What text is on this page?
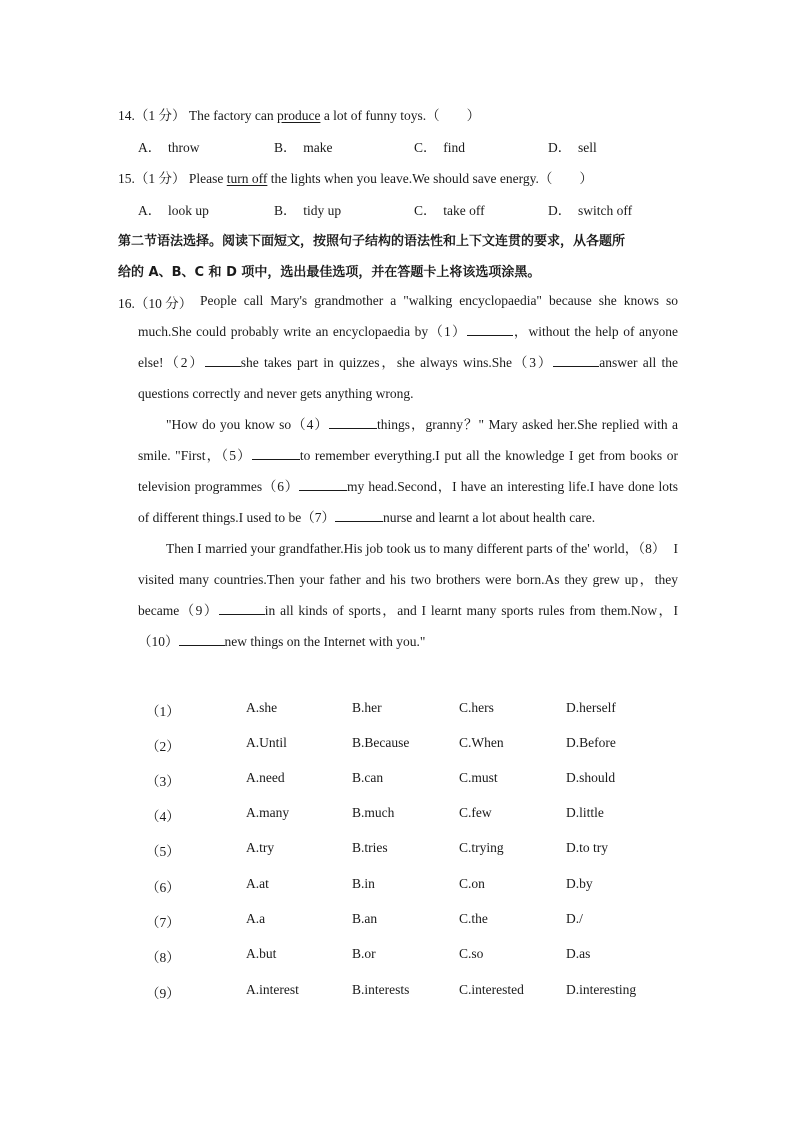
14.（1 分） The factory can produce a lot of funny toys.（　　）
A． throw	B． make	C． find	D． sell
15.（1 分） Please turn off the lights when you leave.We should save energy.（　　）
A． look up	B． tidy up	C． take off	D． switch off
第二节语法选择。阅读下面短文，按照句子结构的语法性和上下文连贯的要求，从各题所
给的 A、B、C 和 D 项中，选出最佳选项，并在答题卡上将该选项涂黑。
16.（10 分） People call Mary's grandmother a "walking encyclopaedia" because she knows so much.She could probably write an encyclopaedia by（1）	，without the help of anyone else!（2）	she takes part in quizzes，she always wins.She（3）	answer all the questions correctly and never gets anything wrong.

"How do you know so（4）	things，granny？" Mary asked her.She replied with a smile. "First，（5）	to remember everything.I put all the knowledge I get from books or television programmes（6）	my head.Second，I have an interesting life.I have done lots of different things.I used to be（7）	nurse and learnt a lot about health care.

Then I married your grandfather.His job took us to many different parts of the' world，（8） I visited many countries.Then your father and his two brothers were born.As they grew up，they became（9）	in all kinds of sports，and I learnt many sports rules from them.Now，I（10）	new things on the Internet with you."

（1）	A.she	B.her	C.hers	D.herself
（2）	A.Until	B.Because	C.When	D.Before
（3）	A.need	B.can	C.must	D.should
（4）	A.many	B.much	C.few	D.little
（5）	A.try	B.tries	C.trying	D.to try
（6）	A.at	B.in	C.on	D.by
（7）	A.a	B.an	C.the	D./
（8）	A.but	B.or	C.so	D.as
（9）	A.interest	B.interests	C.interested	D.interesting
